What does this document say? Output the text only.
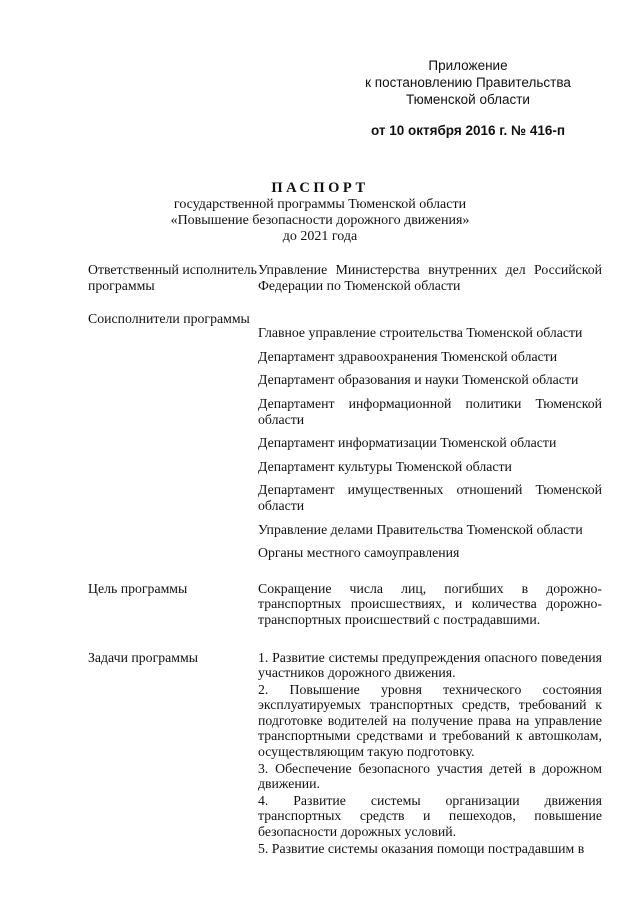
Приложение
к постановлению Правительства
Тюменской области
от 10 октября 2016 г. № 416-п
ПАСПОРТ
государственной программы Тюменской области
«Повышение безопасности дорожного движения»
до 2021 года
Ответственный исполнитель программы
Управление Министерства внутренних дел Российской Федерации по Тюменской области
Соисполнители программы
Главное управление строительства Тюменской области
Департамент здравоохранения Тюменской области
Департамент образования и науки Тюменской области
Департамент информационной политики Тюменской области
Департамент информатизации Тюменской области
Департамент культуры Тюменской области
Департамент имущественных отношений Тюменской области
Управление делами Правительства Тюменской области
Органы местного самоуправления
Цель программы	Сокращение числа лиц, погибших в дорожно-транспортных происшествиях, и количества дорожно-транспортных происшествий с пострадавшими.
Задачи программы	1. Развитие системы предупреждения опасного поведения участников дорожного движения.

2. Повышение уровня технического состояния эксплуатируемых транспортных средств, требований к подготовке водителей на получение права на управление транспортными средствами и требований к автошколам, осуществляющим такую подготовку.

3. Обеспечение безопасного участия детей в дорожном движении.

4. Развитие системы организации движения транспортных средств и пешеходов, повышение безопасности дорожных условий.

5. Развитие системы оказания помощи пострадавшим в
